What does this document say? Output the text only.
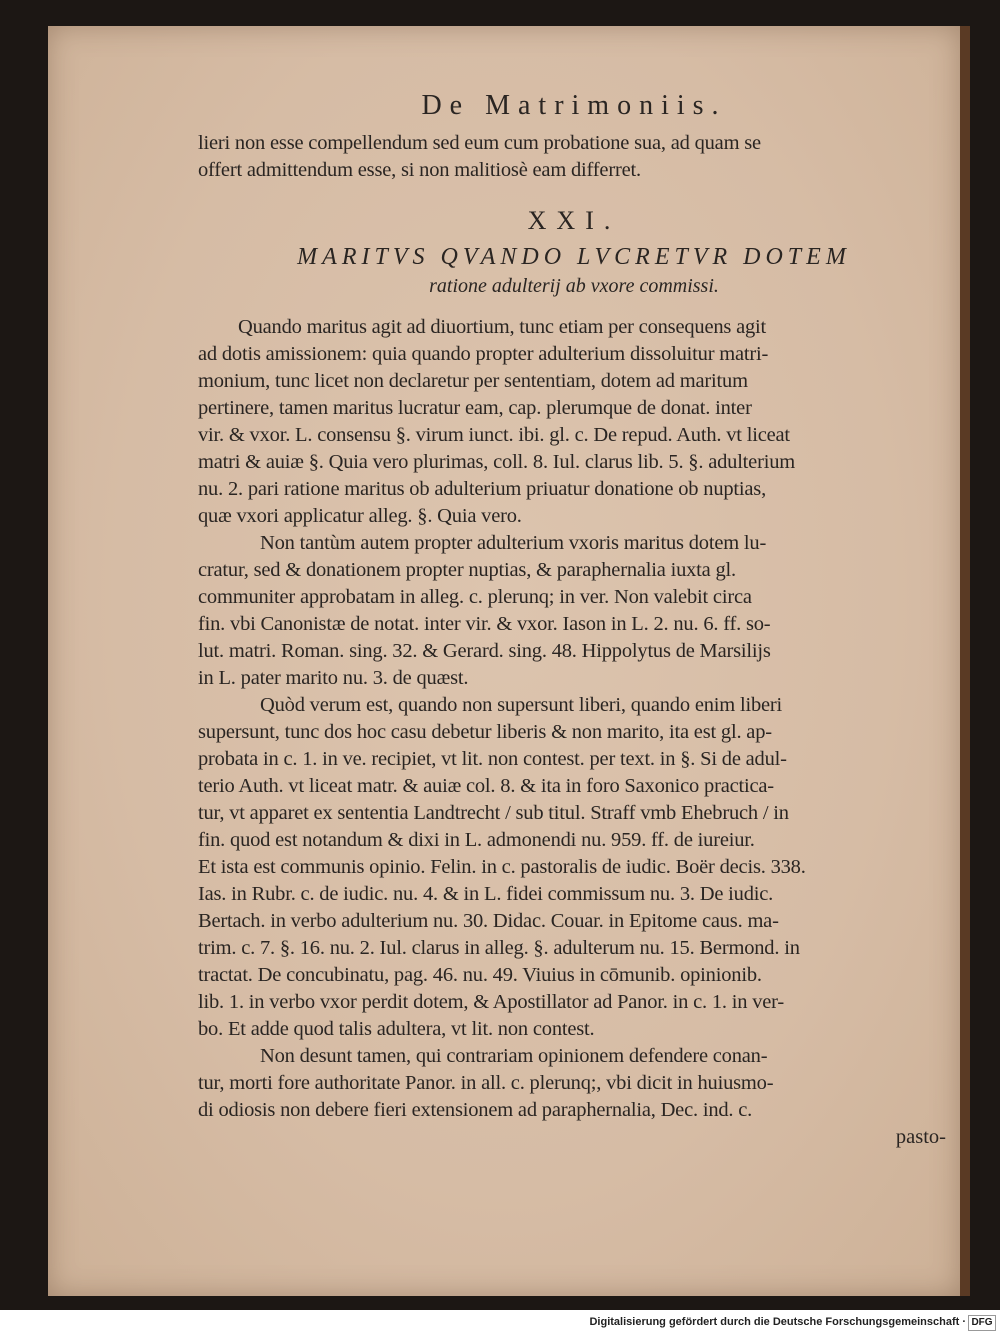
De Matrimoniis.
lieri non esse compellendum sed eum cum probatione sua, ad quam se
offert admittendum esse, si non malitiosè eam differret.
XXI.
MARITVS QVANDO LVCRETVR DOTEM
ratione adulterij ab vxore commissi.
Quando maritus agit ad diuortium, tunc etiam per consequens agit
ad dotis amissionem: quia quando propter adulterium dissoluitur matri-
monium, tunc licet non declaretur per sententiam, dotem ad maritum
pertinere, tamen maritus lucratur eam, cap. plerumque de donat. inter
vir. & vxor. L. consensu §. virum iunct. ibi. gl. c. De repud. Auth. vt liceat
matri & auiæ §. Quia vero plurimas, coll. 8. Iul. clarus lib. 5. §. adulterium
nu. 2. pari ratione maritus ob adulterium priuatur donatione ob nuptias,
quæ vxori applicatur alleg. §. Quia vero.
Non tantùm autem propter adulterium vxoris maritus dotem lu-
cratur, sed & donationem propter nuptias, & paraphernalia iuxta gl.
communiter approbatam in alleg. c. plerunq; in ver. Non valebit circa
fin. vbi Canonistæ de notat. inter vir. & vxor. Iason in L. 2. nu. 6. ff. so-
lut. matri. Roman. sing. 32. & Gerard. sing. 48. Hippolytus de Marsilijs
in L. pater marito nu. 3. de quæst.
Quòd verum est, quando non supersunt liberi, quando enim liberi
supersunt, tunc dos hoc casu debetur liberis & non marito, ita est gl. ap-
probata in c. 1. in ve. recipiet, vt lit. non contest. per text. in §. Si de adul-
terio Auth. vt liceat matr. & auiæ col. 8. & ita in foro Saxonico practica-
tur, vt apparet ex sententia Landtrecht / sub titul. Straff vmb Ehebruch / in
fin. quod est notandum & dixi in L. admonendi nu. 959. ff. de iureiur.
Et ista est communis opinio. Felin. in c. pastoralis de iudic. Boër decis. 338.
Ias. in Rubr. c. de iudic. nu. 4. & in L. fidei commissum nu. 3. De iudic.
Bertach. in verbo adulterium nu. 30. Didac. Couar. in Epitome caus. ma-
trim. c. 7. §. 16. nu. 2. Iul. clarus in alleg. §. adulterum nu. 15. Bermond. in
tractat. De concubinatu, pag. 46. nu. 49. Viuius in cōmunib. opinionib.
lib. 1. in verbo vxor perdit dotem, & Apostillator ad Panor. in c. 1. in ver-
bo. Et adde quod talis adultera, vt lit. non contest.
Non desunt tamen, qui contrariam opinionem defendere conan-
tur, morti fore authoritate Panor. in all. c. plerunq;, vbi dicit in huiusmo-
di odiosis non debere fieri extensionem ad paraphernalia, Dec. ind. c.
pasto-
Digitalisierung gefördert durch die Deutsche Forschungsgemeinschaft · DFG
